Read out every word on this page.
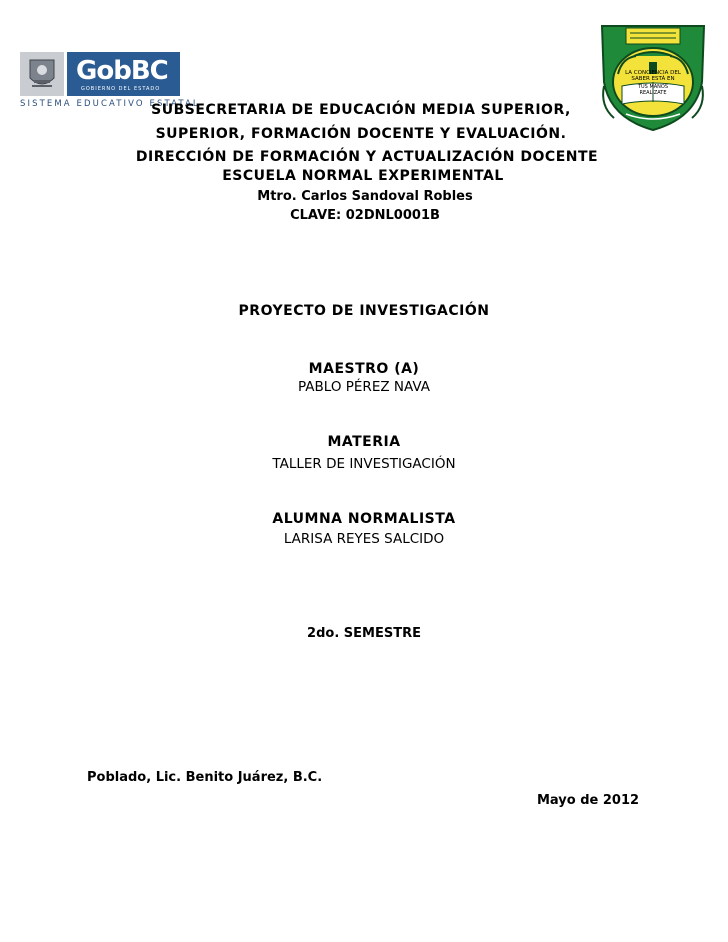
GobBC
GOBIERNO DEL ESTADO
SISTEMA EDUCATIVO ESTATAL
LA CONCIENCIA DEL
SABER ESTÁ EN
TUS MANOS
REALIZATE
SUBSECRETARIA DE EDUCACIÓN MEDIA SUPERIOR,
SUPERIOR, FORMACIÓN DOCENTE Y EVALUACIÓN.
DIRECCIÓN DE FORMACIÓN Y ACTUALIZACIÓN DOCENTE
ESCUELA NORMAL EXPERIMENTAL
Mtro. Carlos Sandoval Robles
CLAVE: 02DNL0001B
PROYECTO DE INVESTIGACIÓN
MAESTRO (A)
PABLO PÉREZ NAVA
MATERIA
TALLER DE INVESTIGACIÓN
ALUMNA NORMALISTA
LARISA REYES SALCIDO
2do. SEMESTRE
Poblado, Lic. Benito Juárez, B.C.
Mayo de 2012
